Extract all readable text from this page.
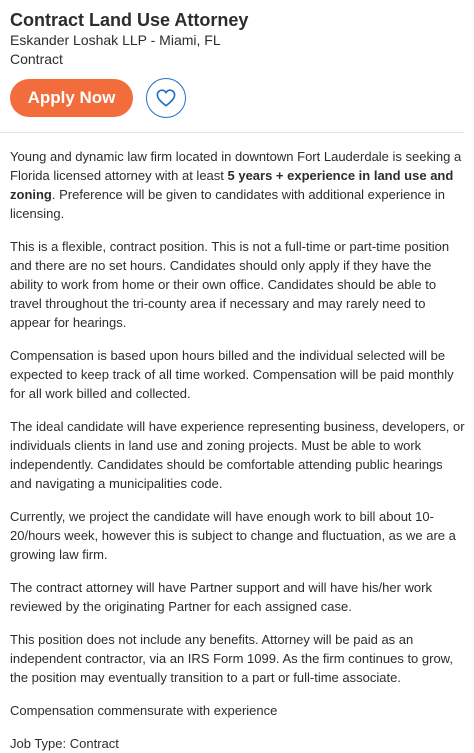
Contract Land Use Attorney
Eskander Loshak LLP - Miami, FL
Contract
Apply Now

Young and dynamic law firm located in downtown Fort Lauderdale is seeking a Florida licensed attorney with at least 5 years + experience in land use and zoning. Preference will be given to candidates with additional experience in licensing.

This is a flexible, contract position. This is not a full-time or part-time position and there are no set hours. Candidates should only apply if they have the ability to work from home or their own office. Candidates should be able to travel throughout the tri-county area if necessary and may rarely need to appear for hearings.

Compensation is based upon hours billed and the individual selected will be expected to keep track of all time worked. Compensation will be paid monthly for all work billed and collected.

The ideal candidate will have experience representing business, developers, or individuals clients in land use and zoning projects. Must be able to work independently. Candidates should be comfortable attending public hearings and navigating a municipalities code.

Currently, we project the candidate will have enough work to bill about 10-20/hours week, however this is subject to change and fluctuation, as we are a growing law firm.

The contract attorney will have Partner support and will have his/her work reviewed by the originating Partner for each assigned case.

This position does not include any benefits. Attorney will be paid as an independent contractor, via an IRS Form 1099. As the firm continues to grow, the position may eventually transition to a part or full-time associate.

Compensation commensurate with experience

Job Type: Contract
